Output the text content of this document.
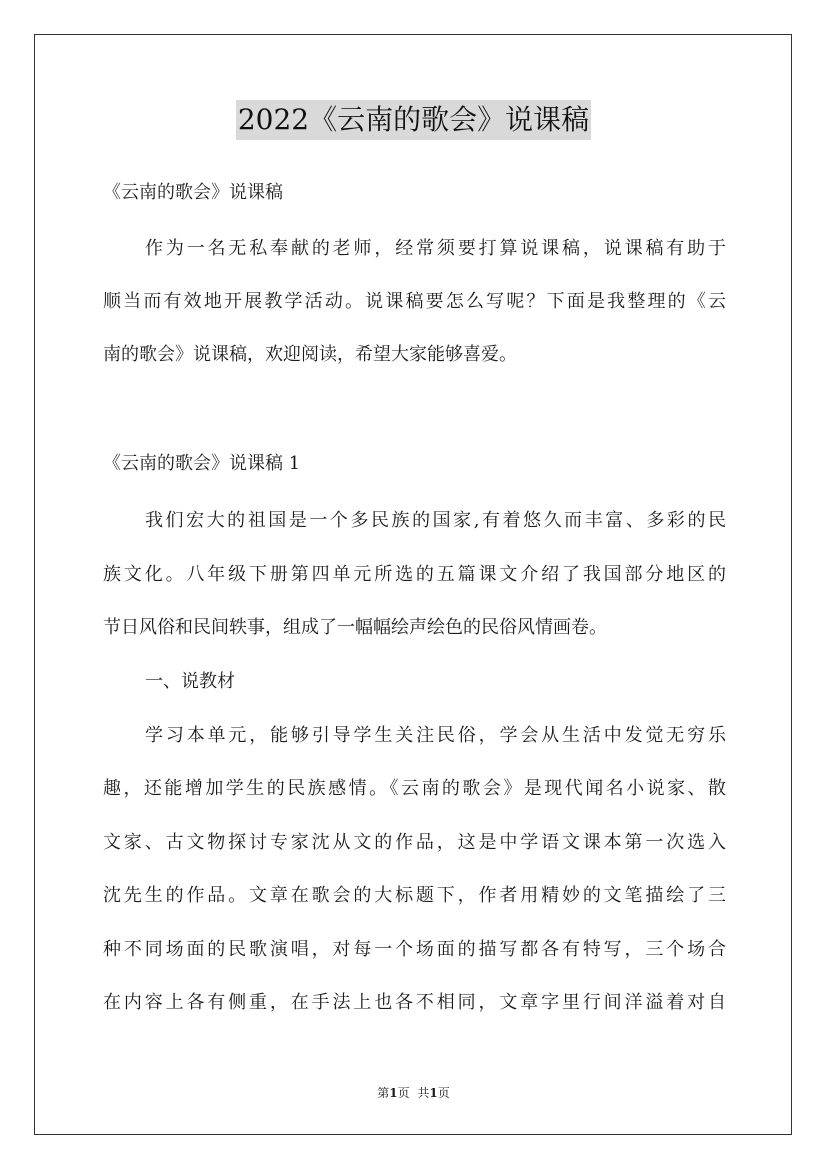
2022《云南的歌会》说课稿
《云南的歌会》说课稿
作为一名无私奉献的老师，经常须要打算说课稿，说课稿有助于
顺当而有效地开展教学活动。说课稿要怎么写呢？下面是我整理的《云
南的歌会》说课稿，欢迎阅读，希望大家能够喜爱。
《云南的歌会》说课稿 1
我们宏大的祖国是一个多民族的国家,有着悠久而丰富、多彩的民
族文化。八年级下册第四单元所选的五篇课文介绍了我国部分地区的
节日风俗和民间轶事，组成了一幅幅绘声绘色的民俗风情画卷。
一、说教材
学习本单元，能够引导学生关注民俗，学会从生活中发觉无穷乐
趣，还能增加学生的民族感情。《云南的歌会》是现代闻名小说家、散
文家、古文物探讨专家沈从文的作品，这是中学语文课本第一次选入
沈先生的作品。文章在歌会的大标题下，作者用精妙的文笔描绘了三
种不同场面的民歌演唱，对每一个场面的描写都各有特写，三个场合
在内容上各有侧重，在手法上也各不相同，文章字里行间洋溢着对自
第1页 共1页
